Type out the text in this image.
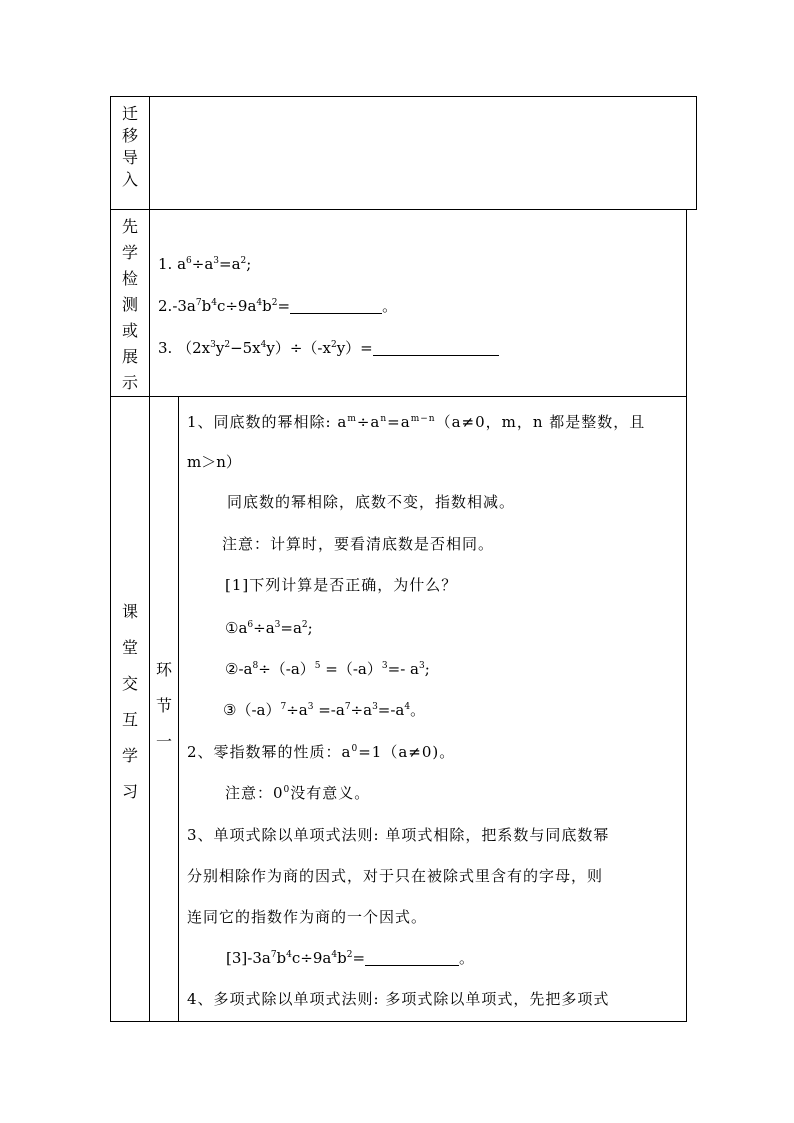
迁
移
导
入
先
学
检
测
或
展
示
课
堂
交
互
学
习
环
节
一
1. $a^6\div a^3=a^2$;
$2.-3a^7b^4c\div 9a^4b^2=$	。
3. $(2x^3y^2-5x^4y)\div(-x^2y)=$
1、同底数的幂相除: $a^m\div a^n=a^{m-n}(a\ne 0$，m，n 都是整数，且
m＞n）
同底数的幂相除，底数不变，指数相减。
注意：计算时，要看清底数是否相同。
[1]下列计算是否正确，为什么？
$①a^6\div a^3=a^2$;
$②-a^8\div(-a)^5 =(-a)^3=-$ $a^3$;
$③(-a)^7\div a^3 =-a^7\div a^3=-a^4$。
2、零指数幂的性质：$a^0=1(a\ne 0)$。
注意：$0^0$没有意义。
3、单项式除以单项式法则: 单项式相除，把系数与同底数幂
分别相除作为商的因式，对于只在被除式里含有的字母，则
连同它的指数作为商的一个因式。
$[3]-3a^7b^4c\div 9a^4b^2=$	。
4、多项式除以单项式法则: 多项式除以单项式，先把多项式
